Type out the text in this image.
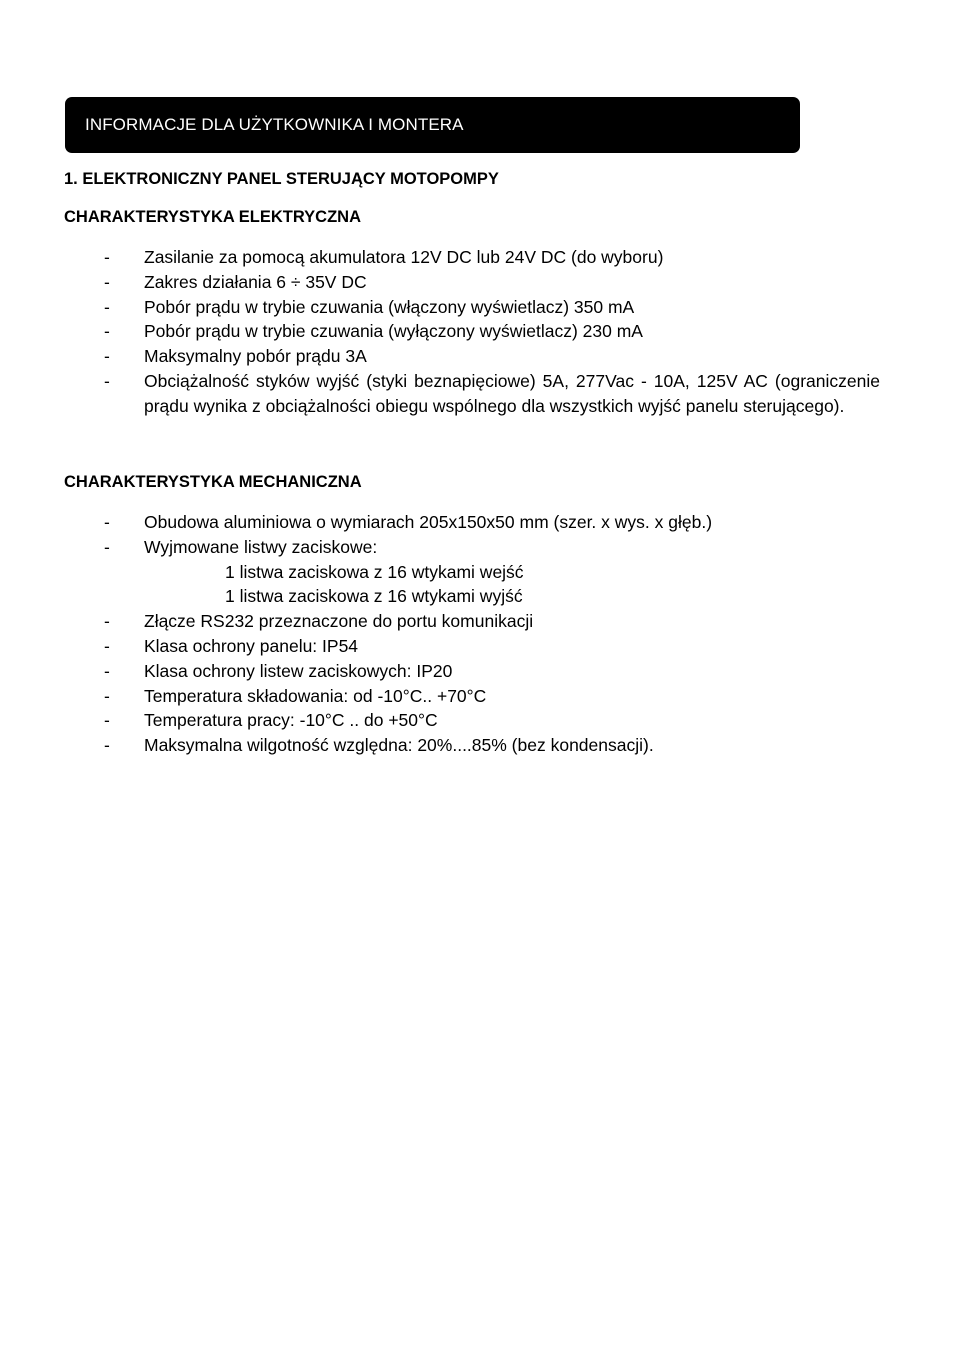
INFORMACJE DLA UŻYTKOWNIKA I MONTERA
1. ELEKTRONICZNY PANEL STERUJĄCY MOTOPOMPY
CHARAKTERYSTYKA ELEKTRYCZNA
- Zasilanie za pomocą akumulatora 12V DC lub 24V DC (do wyboru)
- Zakres działania 6 ÷ 35V DC
- Pobór prądu w trybie czuwania (włączony wyświetlacz) 350 mA
- Pobór prądu w trybie czuwania (wyłączony wyświetlacz) 230 mA
- Maksymalny pobór prądu 3A
- Obciążalność styków wyjść (styki beznapięciowe) 5A, 277Vac - 10A, 125V AC (ograniczenie prądu wynika z obciążalności obiegu wspólnego dla wszystkich wyjść panelu sterującego).
CHARAKTERYSTYKA MECHANICZNA
- Obudowa aluminiowa o wymiarach 205x150x50 mm (szer. x wys. x głęb.)
- Wyjmowane listwy zaciskowe:
1 listwa zaciskowa z 16 wtykami wejść
1 listwa zaciskowa z 16 wtykami wyjść
- Złącze RS232 przeznaczone do portu komunikacji
- Klasa ochrony panelu: IP54
- Klasa ochrony listew zaciskowych: IP20
- Temperatura składowania: od -10°C.. +70°C
- Temperatura pracy: -10°C .. do +50°C
- Maksymalna wilgotność względna: 20%....85% (bez kondensacji).
